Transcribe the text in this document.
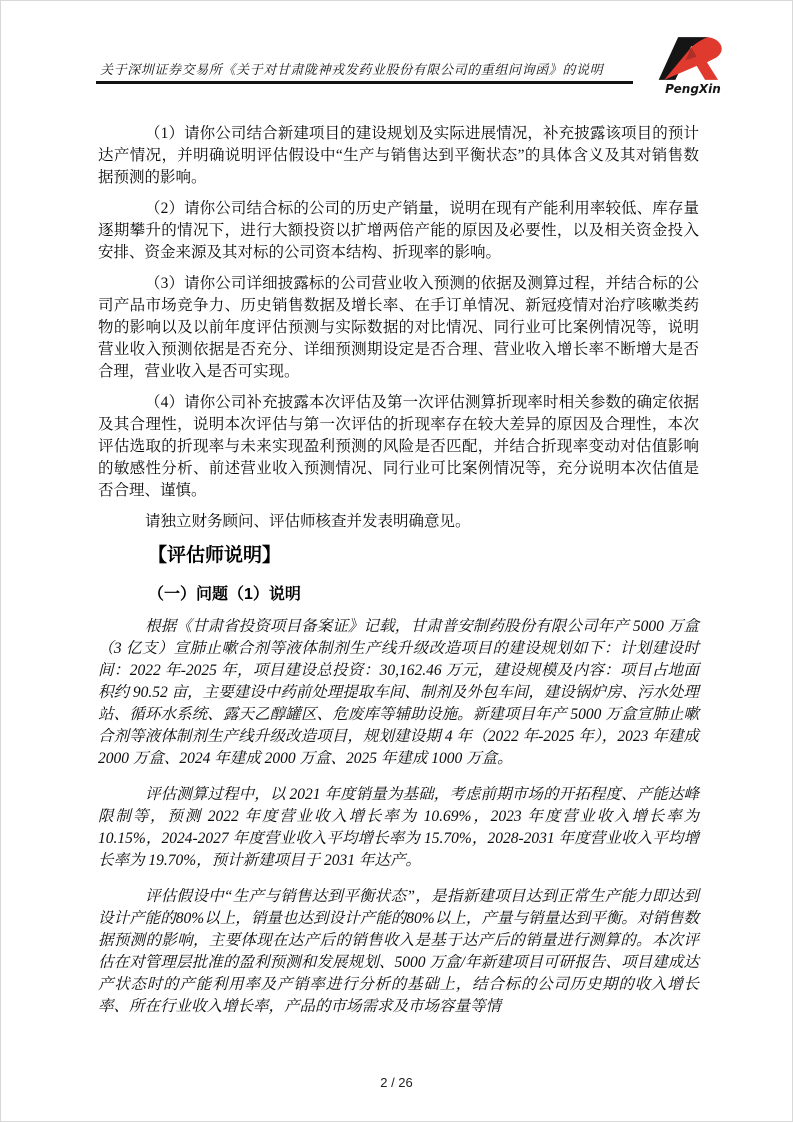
关于深圳证券交易所《关于对甘肃陇神戎发药业股份有限公司的重组问询函》的说明
PengXin

（1）请你公司结合新建项目的建设规划及实际进展情况，补充披露该项目的预计达产情况，并明确说明评估假设中“生产与销售达到平衡状态”的具体含义及其对销售数据预测的影响。

（2）请你公司结合标的公司的历史产销量，说明在现有产能利用率较低、库存量逐期攀升的情况下，进行大额投资以扩增两倍产能的原因及必要性，以及相关资金投入安排、资金来源及其对标的公司资本结构、折现率的影响。

（3）请你公司详细披露标的公司营业收入预测的依据及测算过程，并结合标的公司产品市场竞争力、历史销售数据及增长率、在手订单情况、新冠疫情对治疗咳嗽类药物的影响以及以前年度评估预测与实际数据的对比情况、同行业可比案例情况等，说明营业收入预测依据是否充分、详细预测期设定是否合理、营业收入增长率不断增大是否合理，营业收入是否可实现。

（4）请你公司补充披露本次评估及第一次评估测算折现率时相关参数的确定依据及其合理性，说明本次评估与第一次评估的折现率存在较大差异的原因及合理性，本次评估选取的折现率与未来实现盈利预测的风险是否匹配，并结合折现率变动对估值影响的敏感性分析、前述营业收入预测情况、同行业可比案例情况等，充分说明本次估值是否合理、谨慎。

请独立财务顾问、评估师核查并发表明确意见。

【评估师说明】
（一）问题（1）说明

根据《甘肃省投资项目备案证》记载，甘肃普安制药股份有限公司年产 5000 万盒 （3 亿支）宣肺止嗽合剂等液体制剂生产线升级改造项目的建设规划如下：计划建设时间：2022 年-2025 年，项目建设总投资：30,162.46 万元，建设规模及内容：项目占地面积约 90.52 亩，主要建设中药前处理提取车间、制剂及外包车间，建设锅炉房、污水处理站、循环水系统、露天乙醇罐区、危废库等辅助设施。新建项目年产 5000 万盒宣肺止嗽合剂等液体制剂生产线升级改造项目，规划建设期 4 年（2022 年-2025 年），2023 年建成 2000 万盒、2024 年建成 2000 万盒、2025 年建成 1000 万盒。

评估测算过程中，以 2021 年度销量为基础，考虑前期市场的开拓程度、产能达峰限制等，预测 2022 年度营业收入增长率为 10.69%，2023 年度营业收入增长率为 10.15%，2024-2027 年度营业收入平均增长率为 15.70%，2028-2031 年度营业收入平均增长率为 19.70%，预计新建项目于 2031 年达产。

评估假设中“生产与销售达到平衡状态”，是指新建项目达到正常生产能力即达到设计产能的80%以上，销量也达到设计产能的80%以上，产量与销量达到平衡。对销售数据预测的影响，主要体现在达产后的销售收入是基于达产后的销量进行测算的。本次评估在对管理层批准的盈利预测和发展规划、5000 万盒/年新建项目可研报告、项目建成达产状态时的产能利用率及产销率进行分析的基础上，结合标的公司历史期的收入增长率、所在行业收入增长率，产品的市场需求及市场容量等情

2 / 26
